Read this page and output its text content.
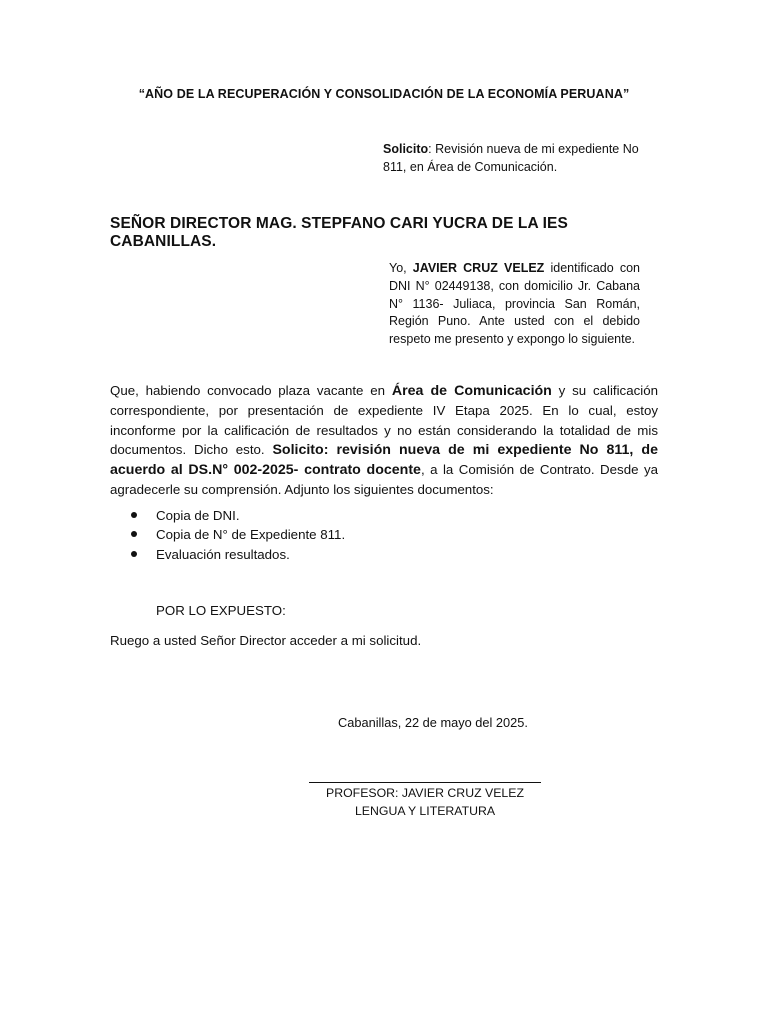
“AÑO DE LA RECUPERACIÓN Y CONSOLIDACIÓN DE LA ECONOMÍA PERUANA”
Solicito: Revisión nueva de mi expediente No 811, en Área de Comunicación.
SEÑOR DIRECTOR MAG. STEPFANO CARI YUCRA DE LA IES CABANILLAS.
Yo, JAVIER CRUZ VELEZ identificado con DNI N° 02449138, con domicilio Jr. Cabana N° 1136- Juliaca, provincia San Román, Región Puno. Ante usted con el debido respeto me presento y expongo lo siguiente.
Que, habiendo convocado plaza vacante en Área de Comunicación y su calificación correspondiente, por presentación de expediente IV Etapa 2025. En lo cual, estoy inconforme por la calificación de resultados y no están considerando la totalidad de mis documentos. Dicho esto. Solicito: revisión nueva de mi expediente No 811, de acuerdo al DS.N° 002-2025- contrato docente, a la Comisión de Contrato. Desde ya agradecerle su comprensión. Adjunto los siguientes documentos:
Copia de DNI.
Copia de N° de Expediente 811.
Evaluación resultados.
POR LO EXPUESTO:
Ruego a usted Señor Director acceder a mi solicitud.
Cabanillas, 22 de mayo del 2025.
PROFESOR: JAVIER CRUZ VELEZ
LENGUA Y LITERATURA
